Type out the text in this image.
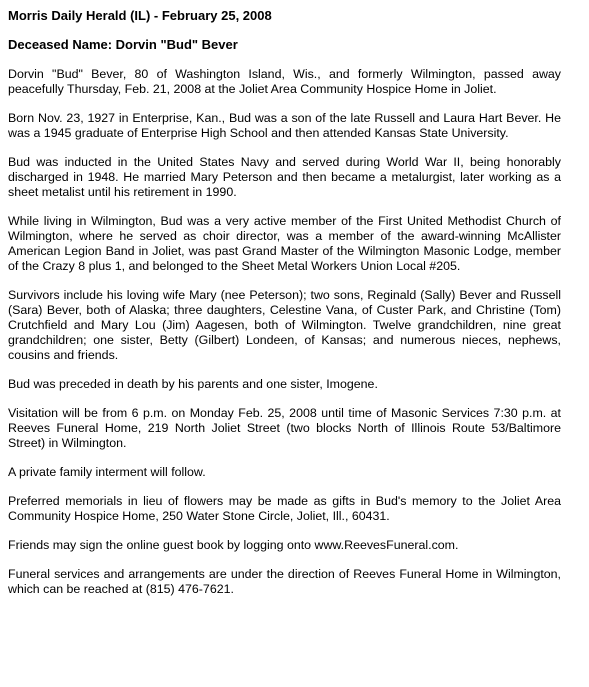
Morris Daily Herald (IL) - February 25, 2008

Deceased Name: Dorvin "Bud" Bever

Dorvin "Bud" Bever, 80 of Washington Island, Wis., and formerly Wilmington, passed away peacefully Thursday, Feb. 21, 2008 at the Joliet Area Community Hospice Home in Joliet.

Born Nov. 23, 1927 in Enterprise, Kan., Bud was a son of the late Russell and Laura Hart Bever. He was a 1945 graduate of Enterprise High School and then attended Kansas State University.

Bud was inducted in the United States Navy and served during World War II, being honorably discharged in 1948. He married Mary Peterson and then became a metalurgist, later working as a sheet metalist until his retirement in 1990.

While living in Wilmington, Bud was a very active member of the First United Methodist Church of Wilmington, where he served as choir director, was a member of the award-winning McAllister American Legion Band in Joliet, was past Grand Master of the Wilmington Masonic Lodge, member of the Crazy 8 plus 1, and belonged to the Sheet Metal Workers Union Local #205.

Survivors include his loving wife Mary (nee Peterson); two sons, Reginald (Sally) Bever and Russell (Sara) Bever, both of Alaska; three daughters, Celestine Vana, of Custer Park, and Christine (Tom) Crutchfield and Mary Lou (Jim) Aagesen, both of Wilmington. Twelve grandchildren, nine great grandchildren; one sister, Betty (Gilbert) Londeen, of Kansas; and numerous nieces, nephews, cousins and friends.

Bud was preceded in death by his parents and one sister, Imogene.

Visitation will be from 6 p.m. on Monday Feb. 25, 2008 until time of Masonic Services 7:30 p.m. at Reeves Funeral Home, 219 North Joliet Street (two blocks North of Illinois Route 53/Baltimore Street) in Wilmington.

A private family interment will follow.

Preferred memorials in lieu of flowers may be made as gifts in Bud's memory to the Joliet Area Community Hospice Home, 250 Water Stone Circle, Joliet, Ill., 60431.

Friends may sign the online guest book by logging onto www.ReevesFuneral.com.

Funeral services and arrangements are under the direction of Reeves Funeral Home in Wilmington, which can be reached at (815) 476-7621.
